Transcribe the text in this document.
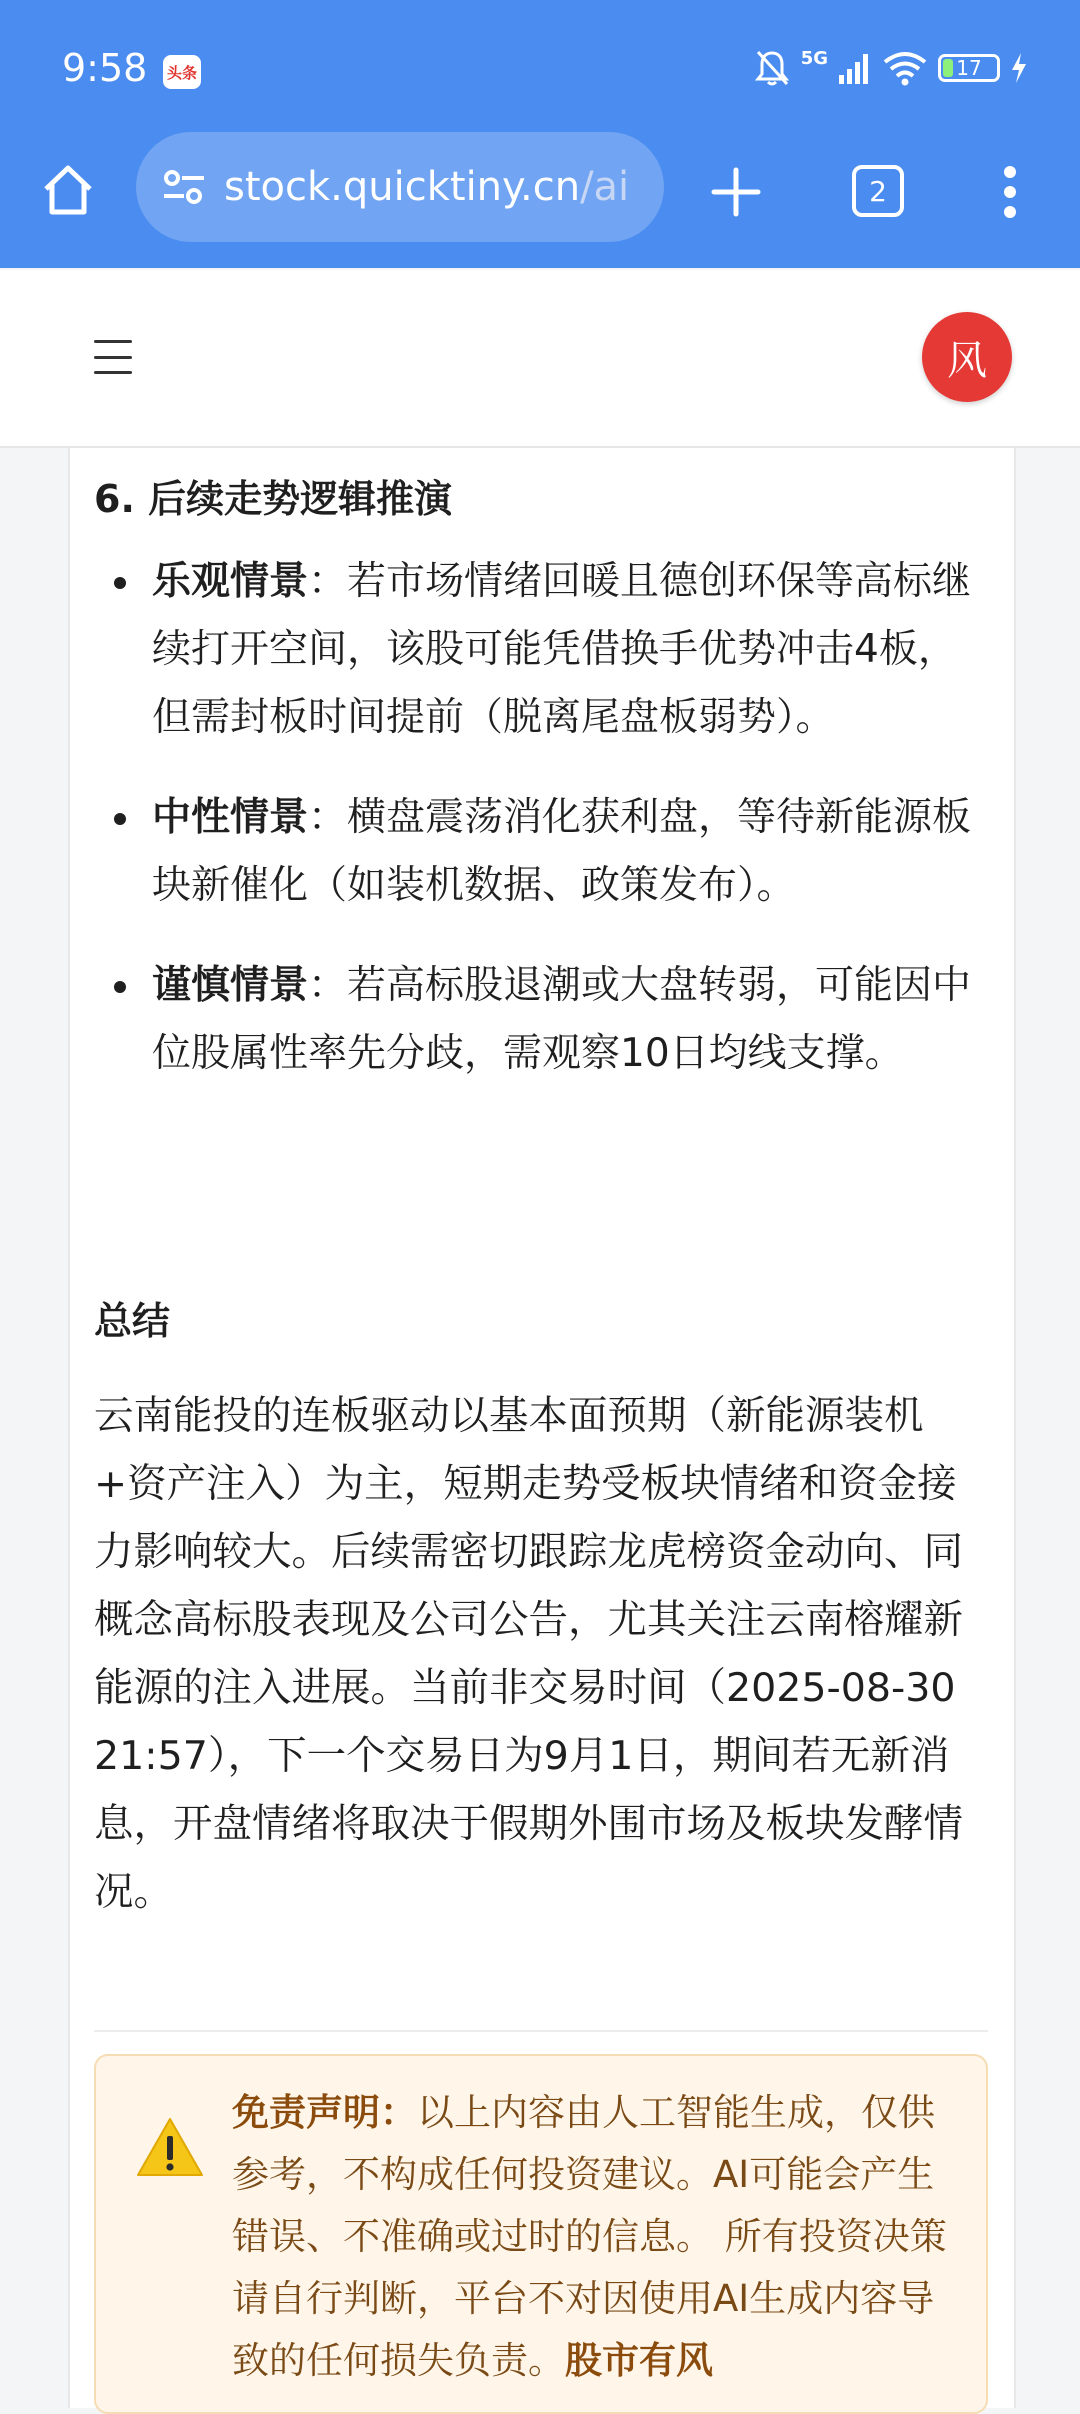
9:58 头条
5G	17
stock.quicktiny.cn/ai	2
风
6. 后续走势逻辑推演
乐观情景：若市场情绪回暖且德创环保等高标继续打开空间，该股可能凭借换手优势冲击4板，但需封板时间提前（脱离尾盘板弱势）。
中性情景：横盘震荡消化获利盘，等待新能源板块新催化（如装机数据、政策发布）。
谨慎情景：若高标股退潮或大盘转弱，可能因中位股属性率先分歧，需观察10日均线支撑。
总结

云南能投的连板驱动以基本面预期（新能源装机+资产注入）为主，短期走势受板块情绪和资金接力影响较大。后续需密切跟踪龙虎榜资金动向、同概念高标股表现及公司公告，尤其关注云南榕耀新能源的注入进展。当前非交易时间（2025-08-30 21:57），下一个交易日为9月1日，期间若无新消息，开盘情绪将取决于假期外围市场及板块发酵情况。

免责声明：以上内容由人工智能生成，仅供参考，不构成任何投资建议。AI可能会产生错误、不准确或过时的信息。 所有投资决策请自行判断，平台不对因使用AI生成内容导致的任何损失负责。股市有风
